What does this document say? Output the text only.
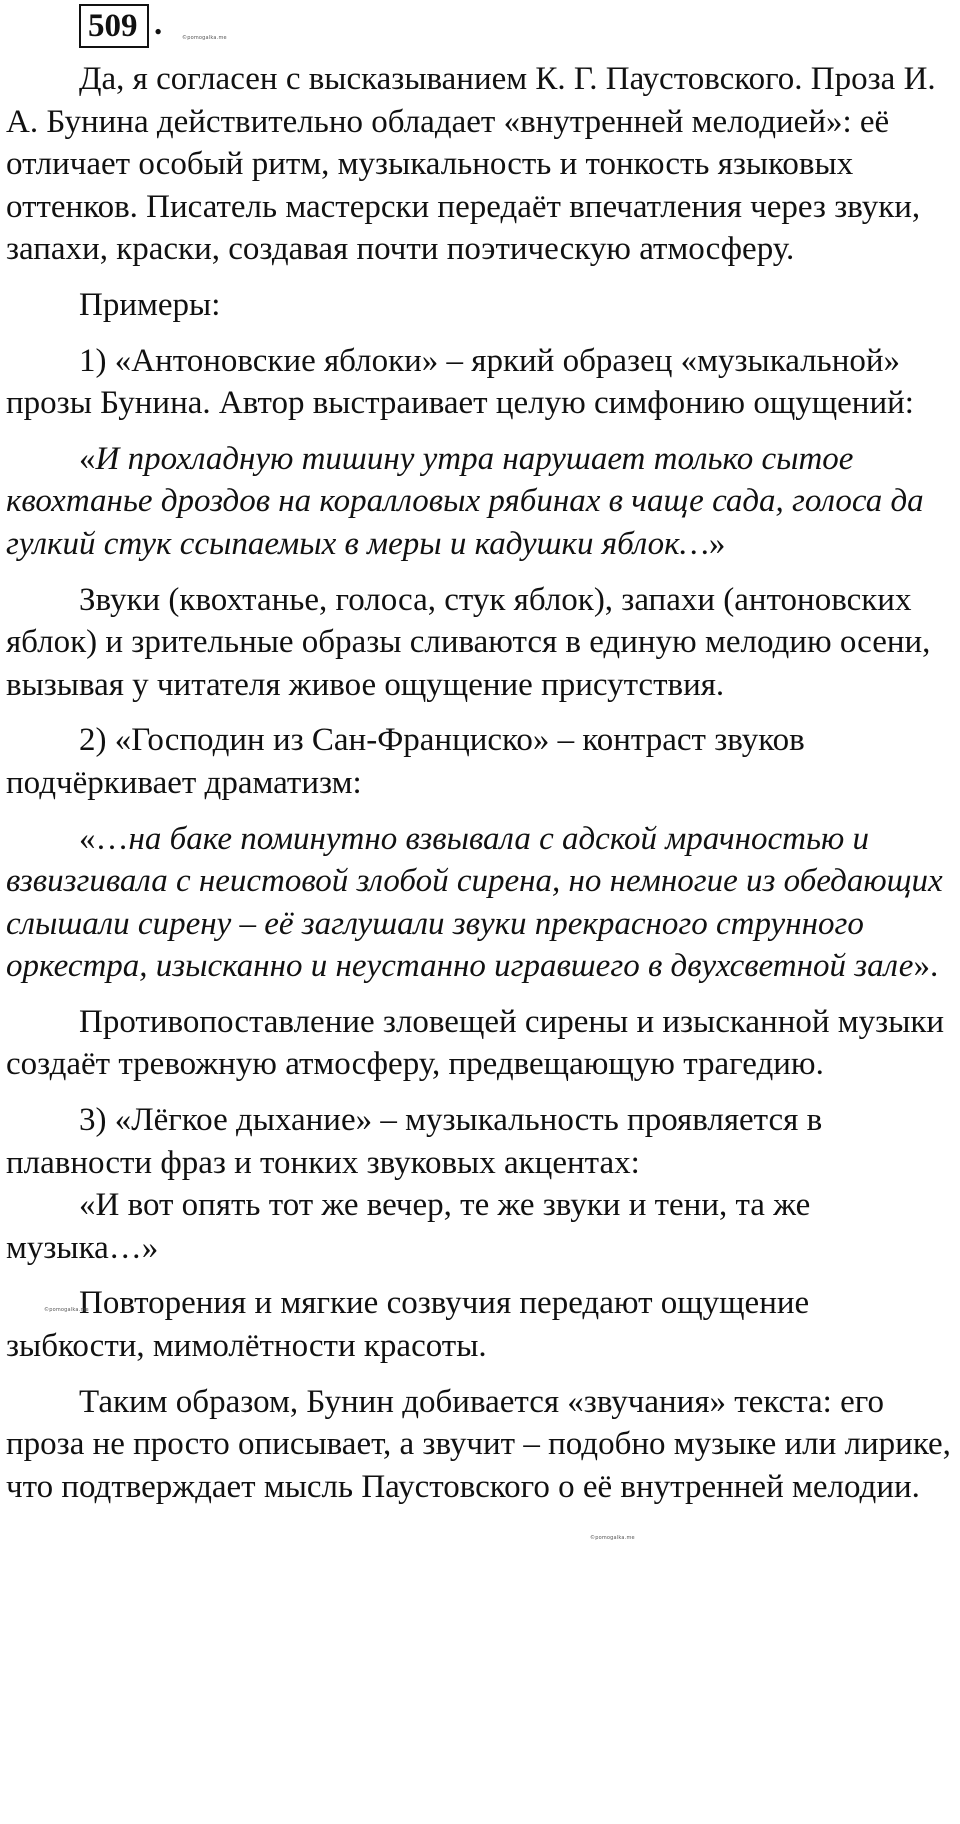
509 .	©pomogalka.me

Да, я согласен с высказыванием К. Г. Паустовского. Проза И. А. Бунина действительно обладает «внутренней мелодией»: её отличает особый ритм, музыкальность и тонкость языковых оттенков. Писатель мастерски передаёт впечатления через звуки, запахи, краски, создавая почти поэтическую атмосферу.

Примеры:

1) «Антоновские яблоки» – яркий образец «музыкальной» прозы Бунина. Автор выстраивает целую симфонию ощущений:

«И прохладную тишину утра нарушает только сытое квохтанье дроздов на коралловых рябинах в чаще сада, голоса да гулкий стук ссыпаемых в меры и кадушки яблок…»

Звуки (квохтанье, голоса, стук яблок), запахи (антоновских яблок) и зрительные образы сливаются в единую мелодию осени, вызывая у читателя живое ощущение присутствия.

2) «Господин из Сан-Франциско» – контраст звуков подчёркивает драматизм:

«…на баке поминутно взвывала с адской мрачностью и взвизгивала с неистовой злобой сирена, но немногие из обедающих слышали сирену – её заглушали звуки прекрасного струнного оркестра, изысканно и неустанно игравшего в двухсветной зале».

Противопоставление зловещей сирены и изысканной музыки создаёт тревожную атмосферу, предвещающую трагедию.

3) «Лёгкое дыхание» – музыкальность проявляется в плавности фраз и тонких звуковых акцентах:

«И вот опять тот же вечер, те же звуки и тени, та же музыка…»

Повторения и мягкие созвучия передают ощущение зыбкости, мимолётности красоты.

Таким образом, Бунин добивается «звучания» текста: его проза не просто описывает, а звучит – подобно музыке или лирике, что подтверждает мысль Паустовского о её внутренней мелодии.

©pomogalka.me
©pomogalka.me
